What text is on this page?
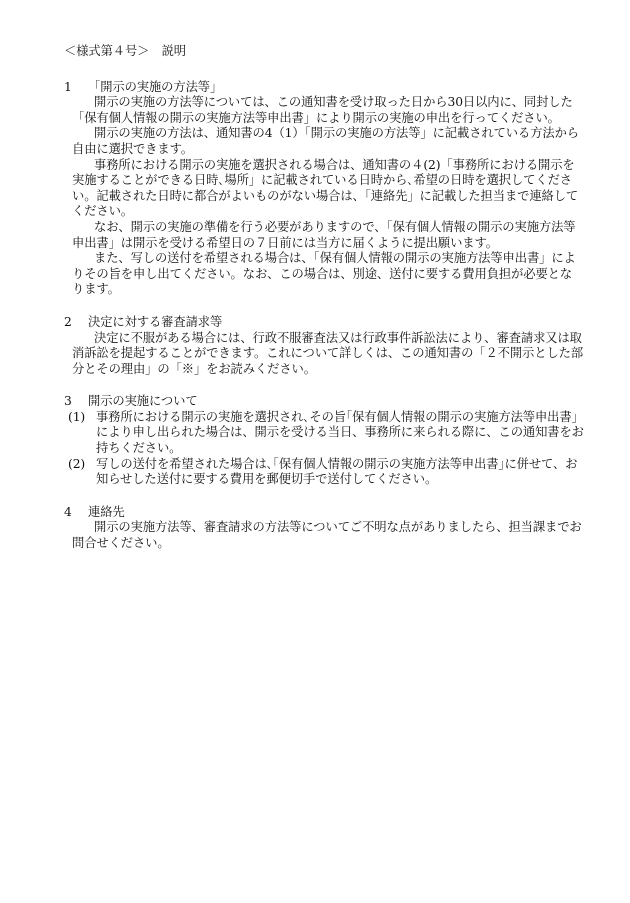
＜様式第４号＞　説明

1 「開示の実施の方法等」

開示の実施の方法等については、この通知書を受け取った日から30日以内に、同封した「保有個人情報の開示の実施方法等申出書」により開示の実施の申出を行ってください。

開示の実施の方法は、通知書の4（1）「開示の実施の方法等」に記載されている方法から自由に選択できます。

事務所における開示の実施を選択される場合は、通知書の４(2)「事務所における開示を実施することができる日時､場所」に記載されている日時から､希望の日時を選択してください。記載された日時に都合がよいものがない場合は、「連絡先」に記載した担当まで連絡してください。

なお、開示の実施の準備を行う必要がありますので、「保有個人情報の開示の実施方法等申出書」は開示を受ける希望日の７日前には当方に届くように提出願います。

また、写しの送付を希望される場合は、「保有個人情報の開示の実施方法等申出書」によりその旨を申し出てください。なお、この場合は、別途、送付に要する費用負担が必要となります。

2 決定に対する審査請求等

決定に不服がある場合には、行政不服審査法又は行政事件訴訟法により、審査請求又は取消訴訟を提起することができます。これについて詳しくは、この通知書の「２不開示とした部分とその理由」の「※」をお読みください。

3 開示の実施について

(1) 事務所における開示の実施を選択され､その旨｢保有個人情報の開示の実施方法等申出書｣により申し出られた場合は、開示を受ける当日、事務所に来られる際に、この通知書をお持ちください。

(2) 写しの送付を希望された場合は､｢保有個人情報の開示の実施方法等申出書｣に併せて、お知らせした送付に要する費用を郵便切手で送付してください。

4 連絡先

開示の実施方法等、審査請求の方法等についてご不明な点がありましたら、担当課までお問合せください。
